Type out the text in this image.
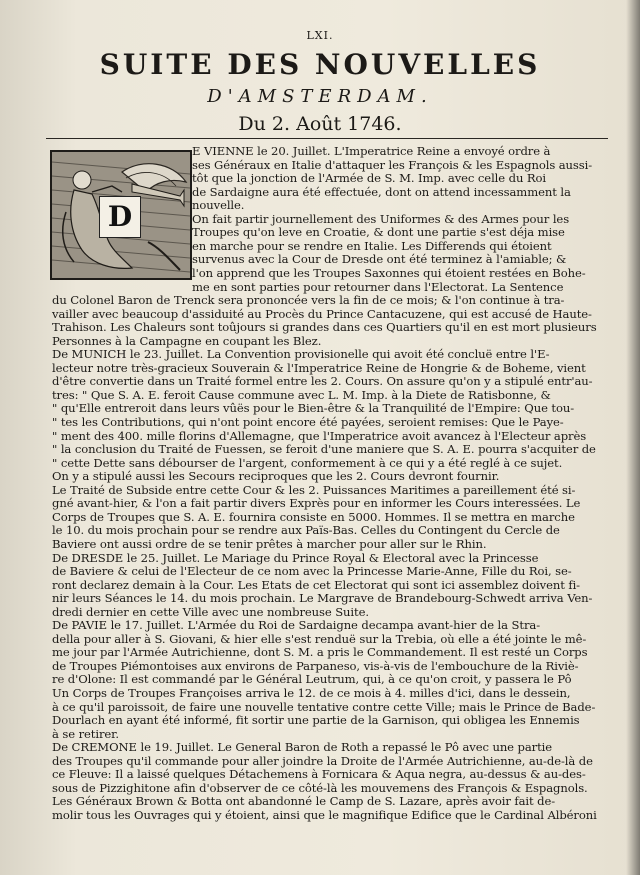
LXI.
SUITE DES NOUVELLES
D'AMSTERDAM.
Du 2. Août 1746.
D
E VIENNE le 20. Juillet. L'Imperatrice Reine a envoyé ordre à
ses Généraux en Italie d'attaquer les François & les Espagnols aussi-
tôt que la jonction de l'Armée de S. M. Imp. avec celle du Roi
de Sardaigne aura été effectuée, dont on attend incessamment la
nouvelle.
On fait partir journellement des Uniformes & des Armes pour les
Troupes qu'on leve en Croatie, & dont une partie s'est déja mise
en marche pour se rendre en Italie. Les Differends qui étoient
survenus avec la Cour de Dresde ont été terminez à l'amiable; &
l'on apprend que les Troupes Saxonnes qui étoient restées en Bohe-
me en sont parties pour retourner dans l'Electorat. La Sentence
du Colonel Baron de Trenck sera prononcée vers la fin de ce mois; & l'on continue à tra-
vailler avec beaucoup d'assiduité au Procès du Prince Cantacuzene, qui est accusé de Haute-
Trahison. Les Chaleurs sont toûjours si grandes dans ces Quartiers qu'il en est mort plusieurs
Personnes à la Campagne en coupant les Blez.
De MUNICH le 23. Juillet. La Convention provisionelle qui avoit été concluë entre l'E-
lecteur notre très-gracieux Souverain & l'Imperatrice Reine de Hongrie & de Boheme, vient
d'être convertie dans un Traité formel entre les 2. Cours. On assure qu'on y a stipulé entr'au-
tres: " Que S. A. E. feroit Cause commune avec L. M. Imp. à la Diete de Ratisbonne, &
" qu'Elle entreroit dans leurs vûës pour le Bien-être & la Tranquilité de l'Empire: Que tou-
" tes les Contributions, qui n'ont point encore été payées, seroient remises: Que le Paye-
" ment des 400. mille florins d'Allemagne, que l'Imperatrice avoit avancez à l'Electeur après
" la conclusion du Traité de Fuessen, se feroit d'une maniere que S. A. E. pourra s'acquiter de
" cette Dette sans débourser de l'argent, conformement à ce qui y a été reglé à ce sujet.
On y a stipulé aussi les Secours reciproques que les 2. Cours devront fournir.
Le Traité de Subside entre cette Cour & les 2. Puissances Maritimes a pareillement été si-
gné avant-hier, & l'on a fait partir divers Exprès pour en informer les Cours interessées. Le
Corps de Troupes que S. A. E. fournira consiste en 5000. Hommes. Il se mettra en marche
le 10. du mois prochain pour se rendre aux Païs-Bas. Celles du Contingent du Cercle de
Baviere ont aussi ordre de se tenir prêtes à marcher pour aller sur le Rhin.
De DRESDE le 25. Juillet. Le Mariage du Prince Royal & Electoral avec la Princesse
de Baviere & celui de l'Electeur de ce nom avec la Princesse Marie-Anne, Fille du Roi, se-
ront declarez demain à la Cour. Les Etats de cet Electorat qui sont ici assemblez doivent fi-
nir leurs Séances le 14. du mois prochain. Le Margrave de Brandebourg-Schwedt arriva Ven-
dredi dernier en cette Ville avec une nombreuse Suite.
De PAVIE le 17. Juillet. L'Armée du Roi de Sardaigne decampa avant-hier de la Stra-
della pour aller à S. Giovani, & hier elle s'est renduë sur la Trebia, où elle a été jointe le mê-
me jour par l'Armée Autrichienne, dont S. M. a pris le Commandement. Il est resté un Corps
de Troupes Piémontoises aux environs de Parpaneso, vis-à-vis de l'embouchure de la Riviè-
re d'Olone: Il est commandé par le Général Leutrum, qui, à ce qu'on croit, y passera le Pô
Un Corps de Troupes Françoises arriva le 12. de ce mois à 4. milles d'ici, dans le dessein,
à ce qu'il paroissoit, de faire une nouvelle tentative contre cette Ville; mais le Prince de Bade-
Dourlach en ayant été informé, fit sortir une partie de la Garnison, qui obligea les Ennemis
à se retirer.
De CREMONE le 19. Juillet. Le General Baron de Roth a repassé le Pô avec une partie
des Troupes qu'il commande pour aller joindre la Droite de l'Armée Autrichienne, au-de-là de
ce Fleuve: Il a laissé quelques Détachemens à Fornicara & Aqua negra, au-dessus & au-des-
sous de Pizzighitone afin d'observer de ce côté-là les mouvemens des François & Espagnols.
Les Généraux Brown & Botta ont abandonné le Camp de S. Lazare, après avoir fait de-
molir tous les Ouvrages qui y étoient, ainsi que le magnifique Edifice que le Cardinal Albéroni
